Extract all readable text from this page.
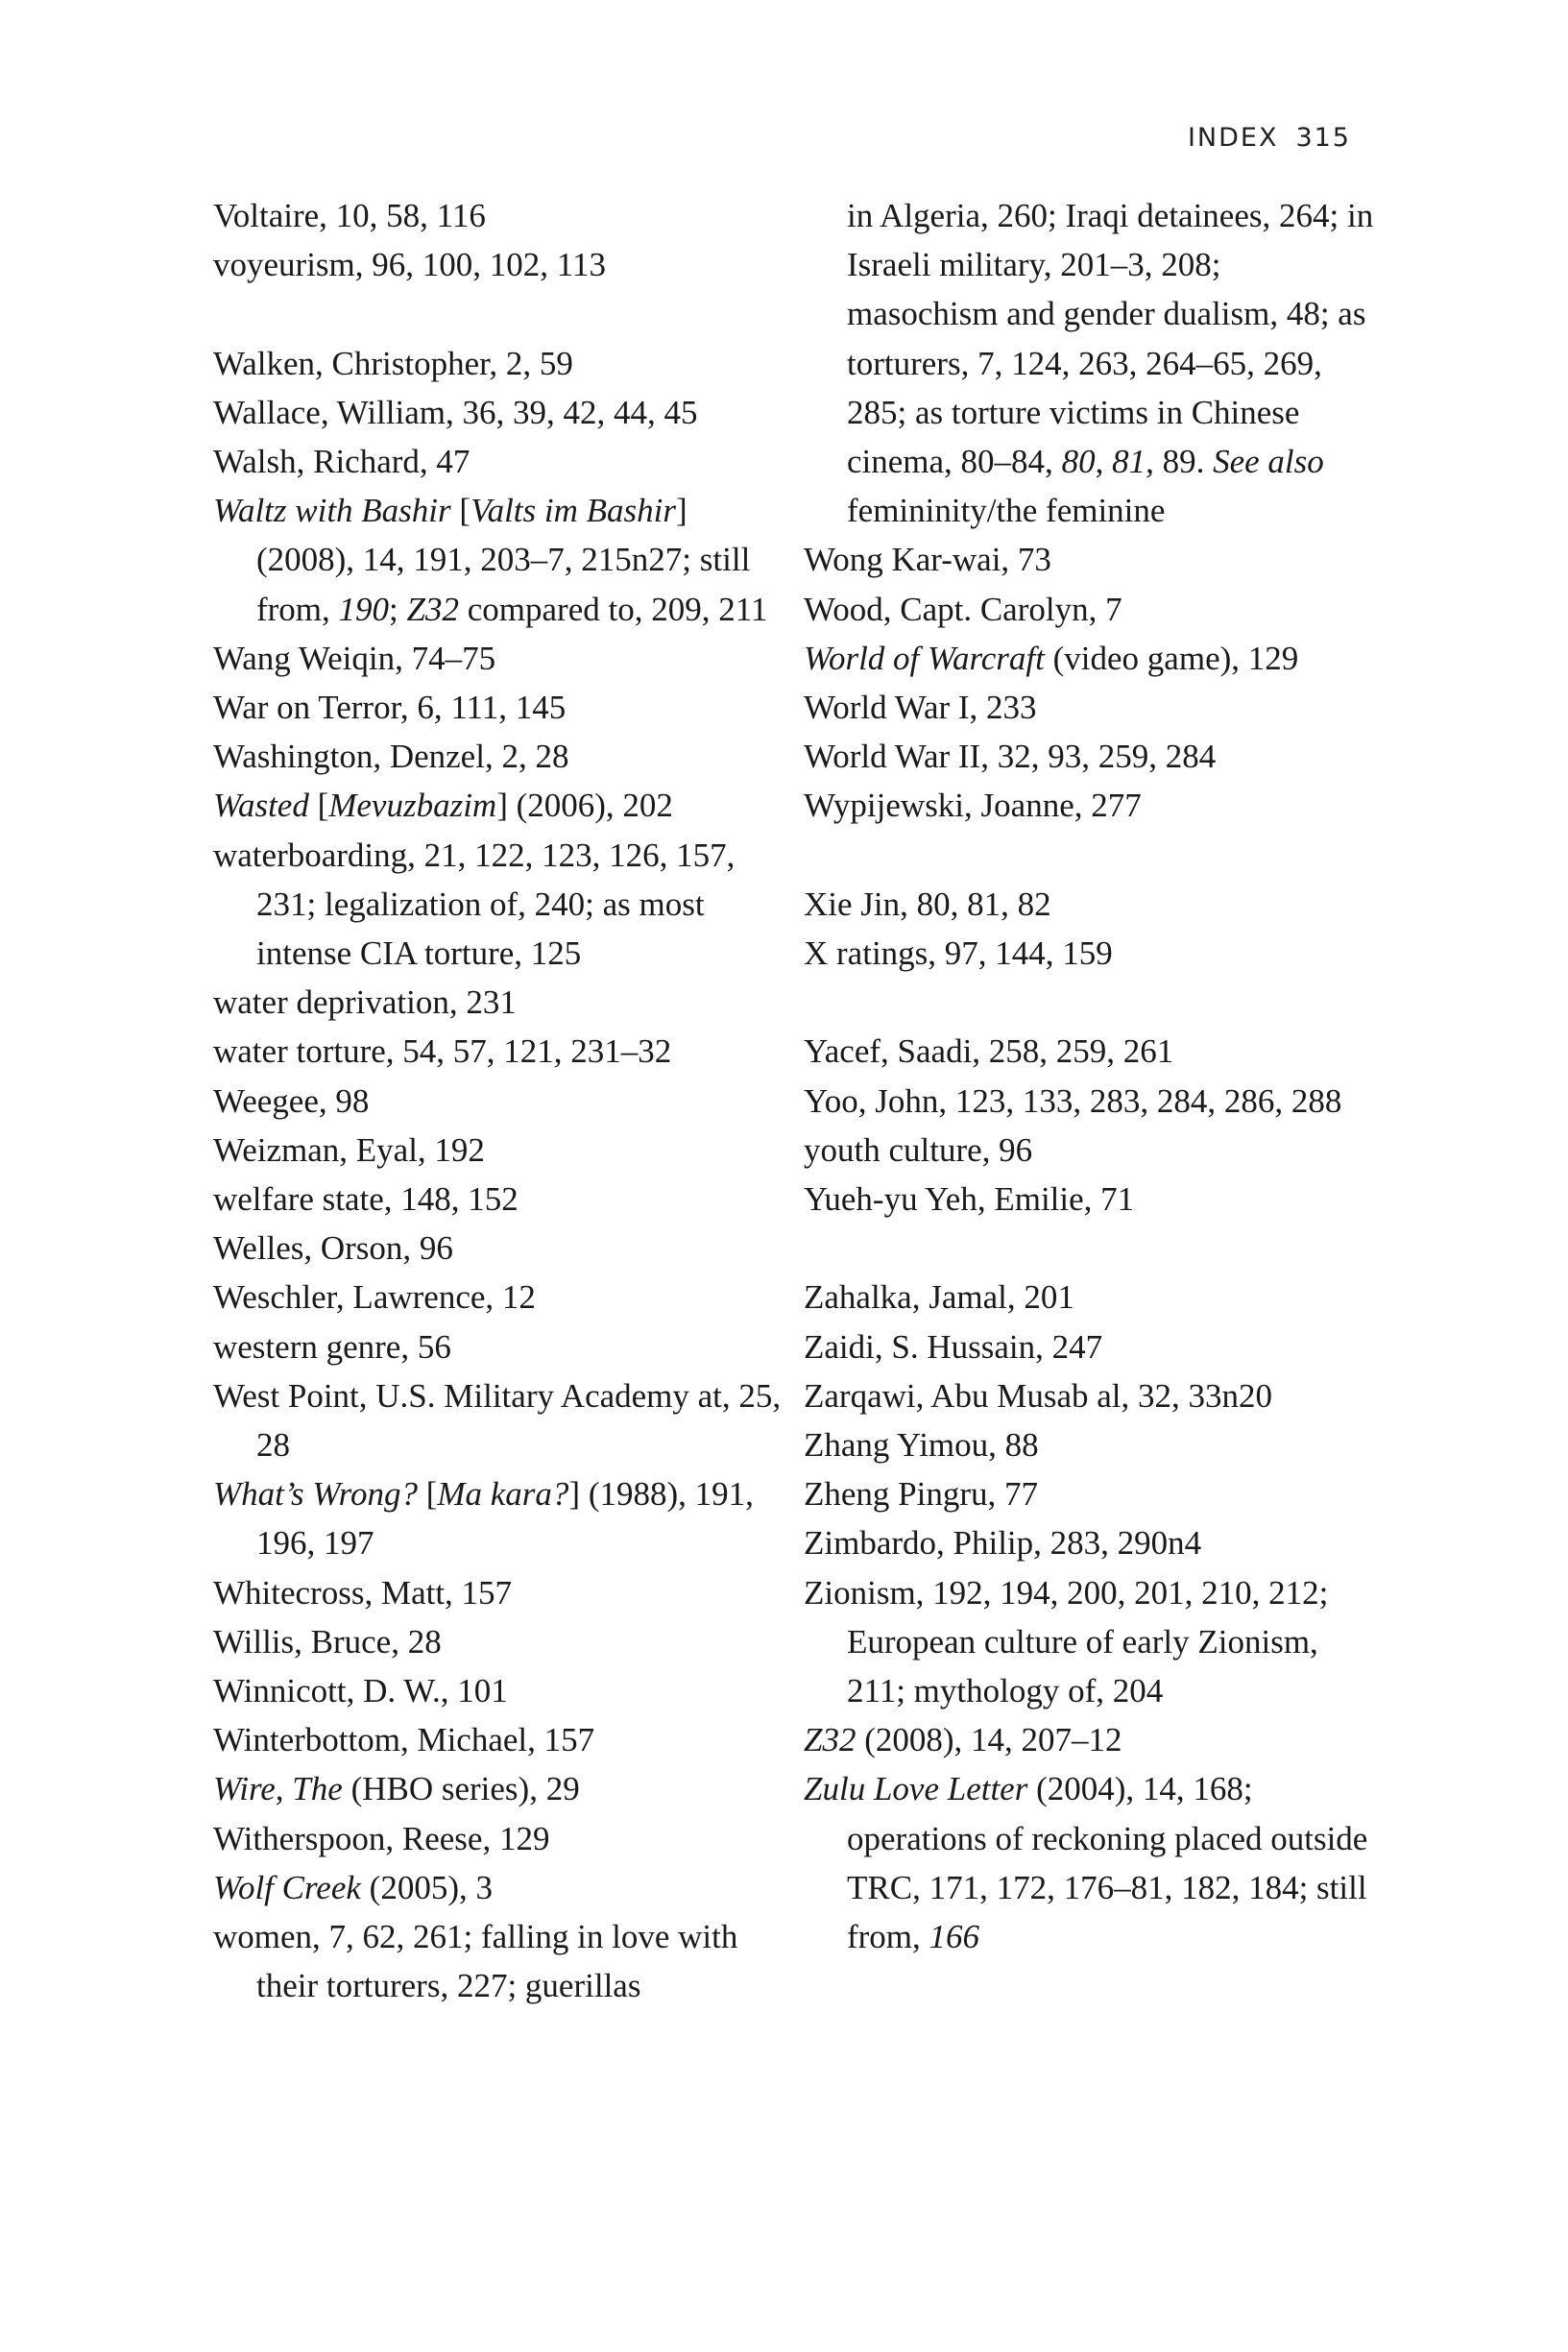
INDEX 315
Voltaire, 10, 58, 116
voyeurism, 96, 100, 102, 113
Walken, Christopher, 2, 59
Wallace, William, 36, 39, 42, 44, 45
Walsh, Richard, 47
Waltz with Bashir [Valts im Bashir] (2008), 14, 191, 203–7, 215n27; still from, 190; Z32 compared to, 209, 211
Wang Weiqin, 74–75
War on Terror, 6, 111, 145
Washington, Denzel, 2, 28
Wasted [Mevuzbazim] (2006), 202
waterboarding, 21, 122, 123, 126, 157, 231; legalization of, 240; as most intense CIA torture, 125
water deprivation, 231
water torture, 54, 57, 121, 231–32
Weegee, 98
Weizman, Eyal, 192
welfare state, 148, 152
Welles, Orson, 96
Weschler, Lawrence, 12
western genre, 56
West Point, U.S. Military Academy at, 25, 28
What’s Wrong? [Ma kara?] (1988), 191, 196, 197
Whitecross, Matt, 157
Willis, Bruce, 28
Winnicott, D. W., 101
Winterbottom, Michael, 157
Wire, The (HBO series), 29
Witherspoon, Reese, 129
Wolf Creek (2005), 3
women, 7, 62, 261; falling in love with their torturers, 227; guerillas
in Algeria, 260; Iraqi detainees, 264; in Israeli military, 201–3, 208; masochism and gender dualism, 48; as torturers, 7, 124, 263, 264–65, 269, 285; as torture victims in Chinese cinema, 80–84, 80, 81, 89. See also femininity/the feminine
Wong Kar-wai, 73
Wood, Capt. Carolyn, 7
World of Warcraft (video game), 129
World War I, 233
World War II, 32, 93, 259, 284
Wypijewski, Joanne, 277
Xie Jin, 80, 81, 82
X ratings, 97, 144, 159
Yacef, Saadi, 258, 259, 261
Yoo, John, 123, 133, 283, 284, 286, 288
youth culture, 96
Yueh-yu Yeh, Emilie, 71
Zahalka, Jamal, 201
Zaidi, S. Hussain, 247
Zarqawi, Abu Musab al, 32, 33n20
Zhang Yimou, 88
Zheng Pingru, 77
Zimbardo, Philip, 283, 290n4
Zionism, 192, 194, 200, 201, 210, 212; European culture of early Zionism, 211; mythology of, 204
Z32 (2008), 14, 207–12
Zulu Love Letter (2004), 14, 168; operations of reckoning placed outside TRC, 171, 172, 176–81, 182, 184; still from, 166
